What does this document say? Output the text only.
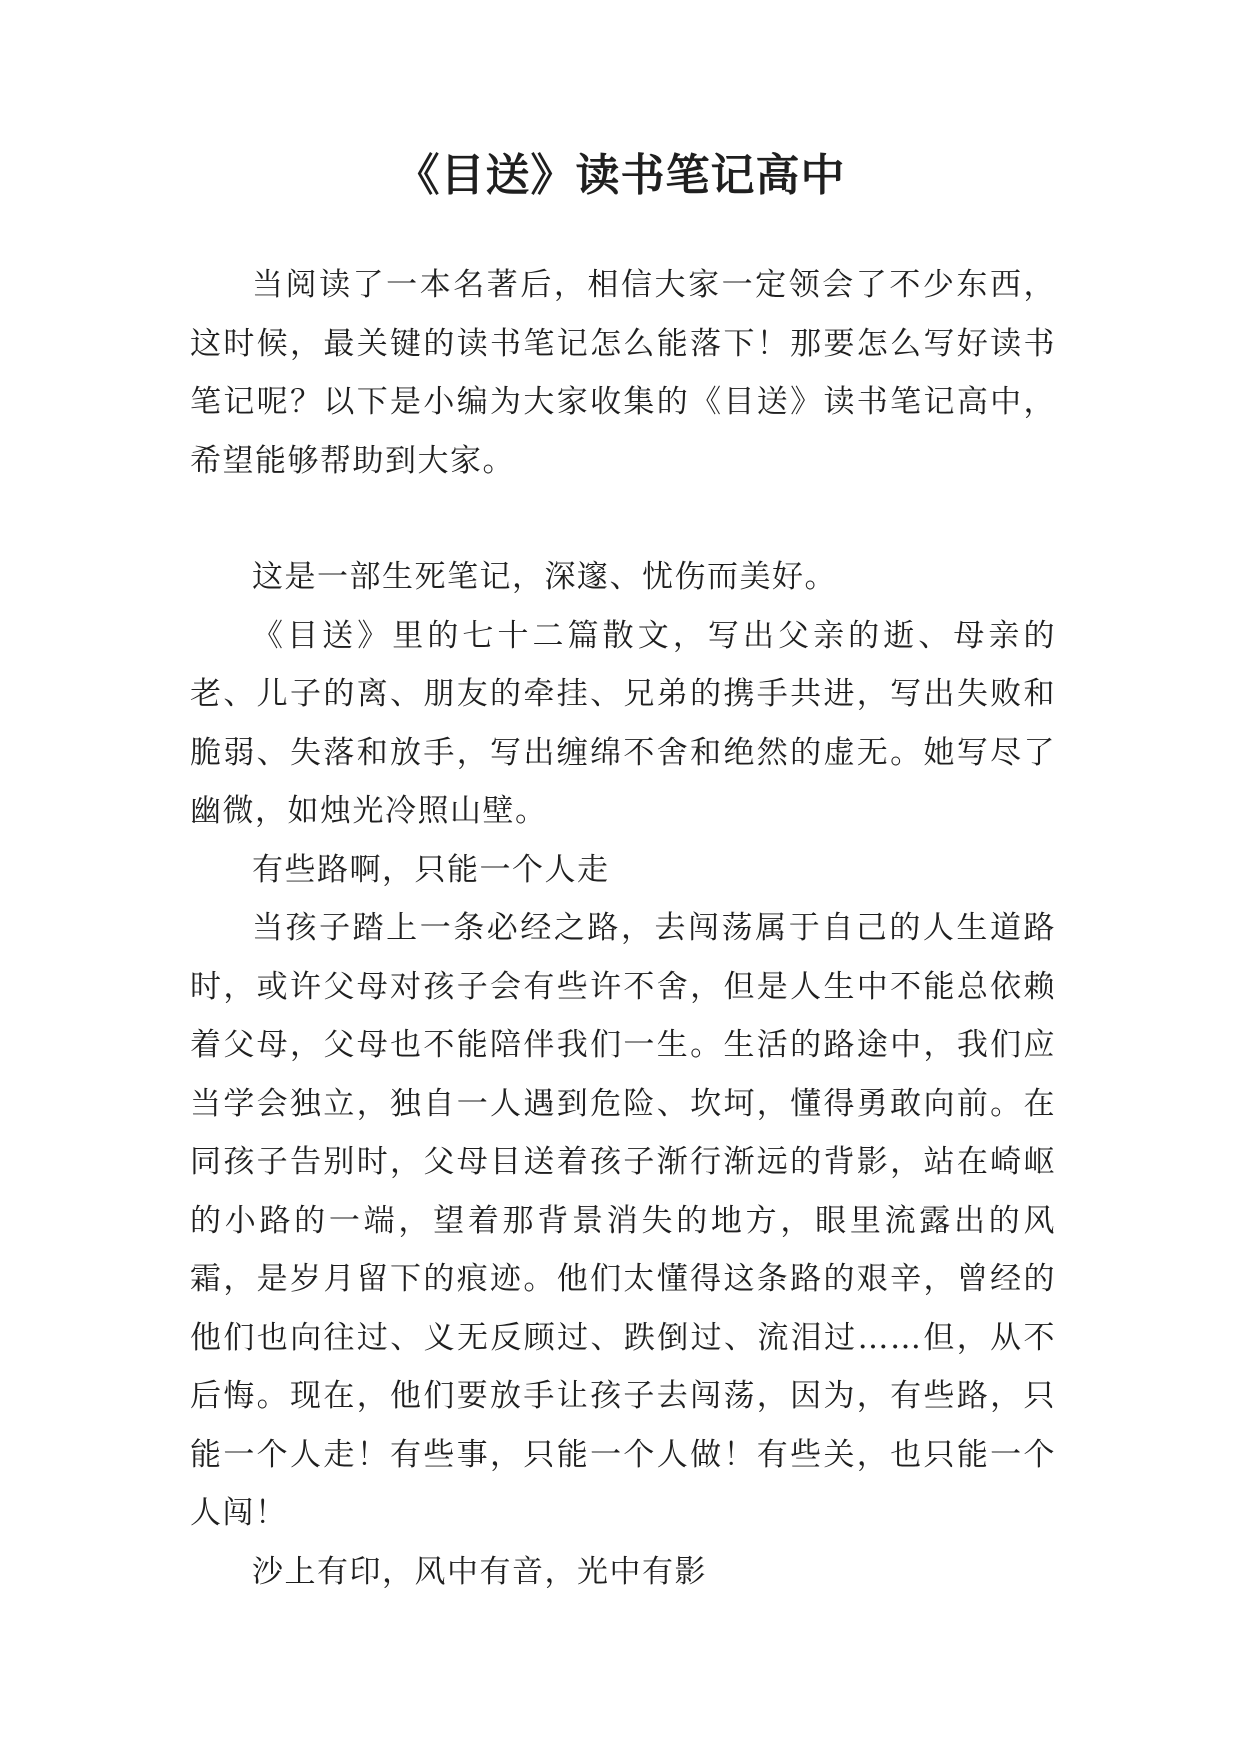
《目送》读书笔记高中

当阅读了一本名著后，相信大家一定领会了不少东西，这时候，最关键的读书笔记怎么能落下！那要怎么写好读书笔记呢？以下是小编为大家收集的《目送》读书笔记高中，希望能够帮助到大家。

这是一部生死笔记，深邃、忧伤而美好。

《目送》里的七十二篇散文，写出父亲的逝、母亲的老、儿子的离、朋友的牵挂、兄弟的携手共进，写出失败和脆弱、失落和放手，写出缠绵不舍和绝然的虚无。她写尽了幽微，如烛光冷照山壁。

有些路啊，只能一个人走

当孩子踏上一条必经之路，去闯荡属于自己的人生道路时，或许父母对孩子会有些许不舍，但是人生中不能总依赖着父母，父母也不能陪伴我们一生。生活的路途中，我们应当学会独立，独自一人遇到危险、坎坷，懂得勇敢向前。在同孩子告别时，父母目送着孩子渐行渐远的背影，站在崎岖的小路的一端，望着那背景消失的地方，眼里流露出的风霜，是岁月留下的痕迹。他们太懂得这条路的艰辛，曾经的他们也向往过、义无反顾过、跌倒过、流泪过……但，从不后悔。现在，他们要放手让孩子去闯荡，因为，有些路，只能一个人走！有些事，只能一个人做！有些关，也只能一个人闯！

沙上有印，风中有音，光中有影
